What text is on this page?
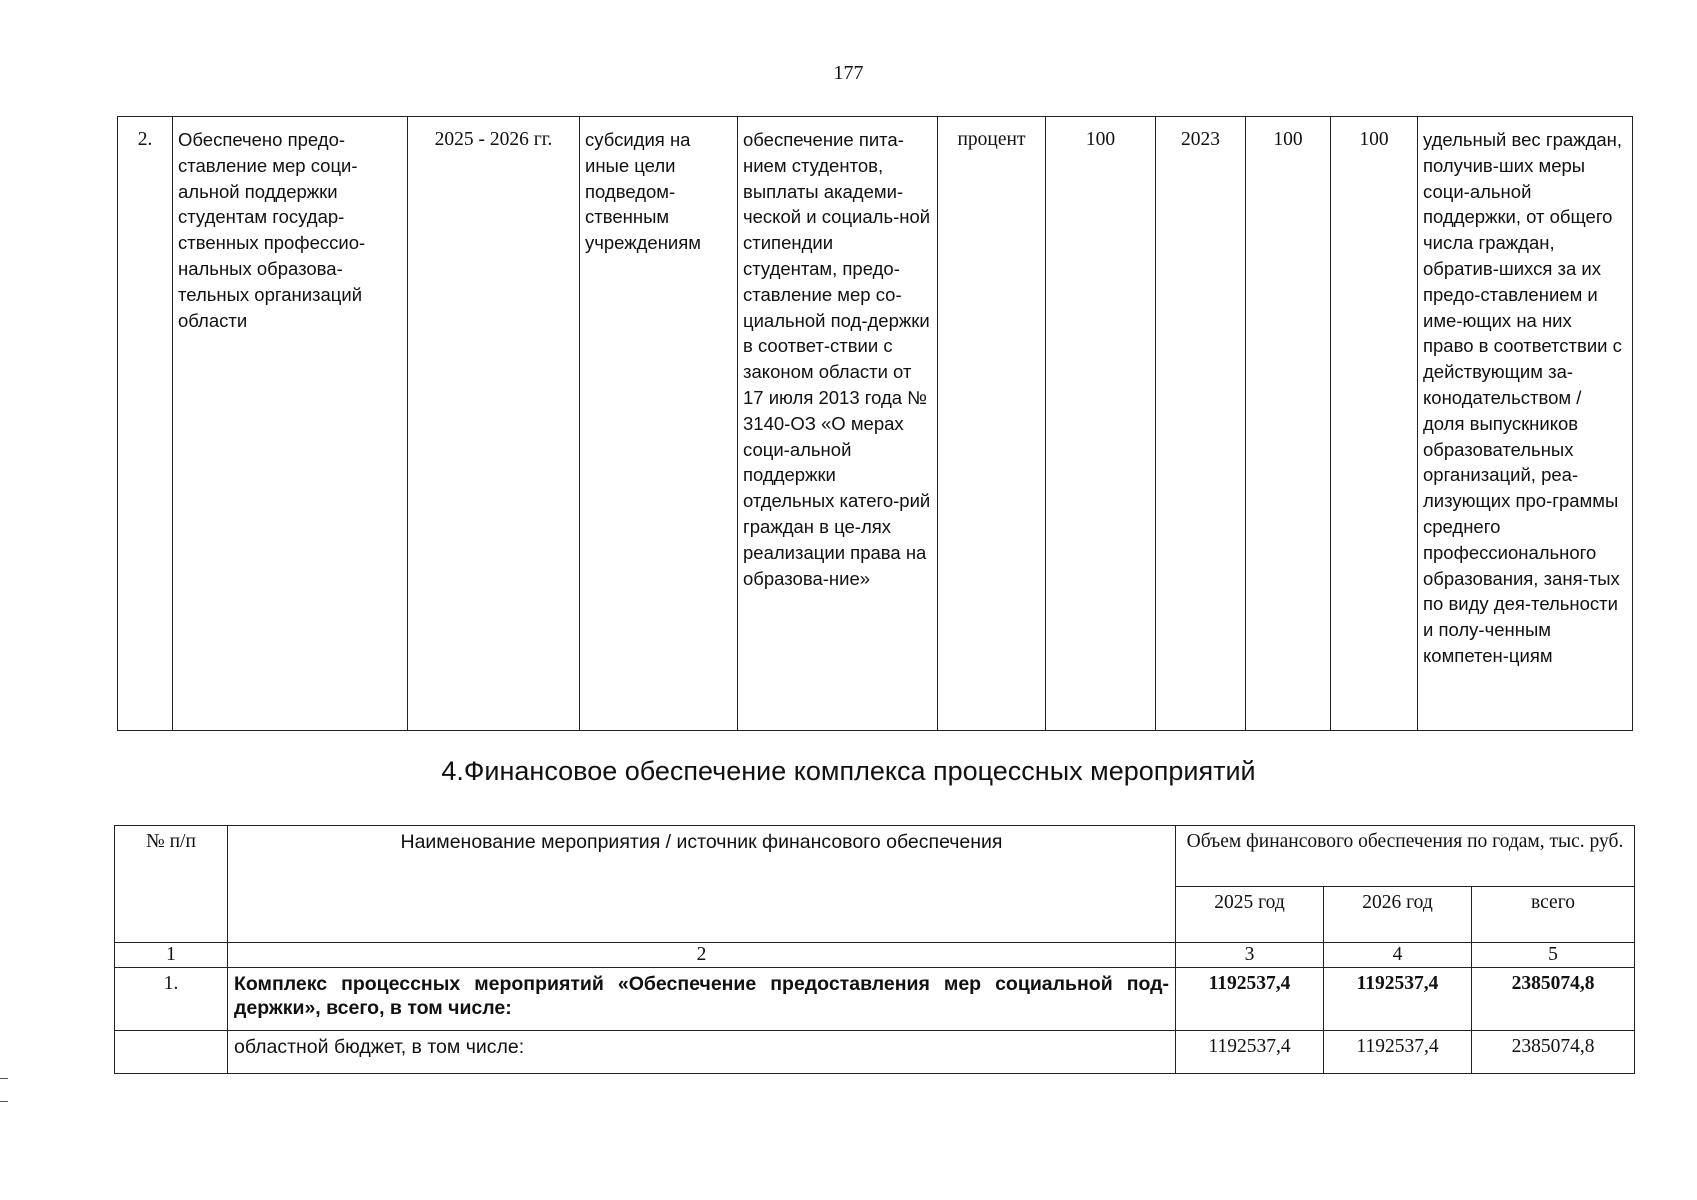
177
2.	Обеспечено предо-ставление мер соци-альной поддержки студентам государ-ственных профессио-нальных образова-тельных организаций области	2025 - 2026 гг.	субсидия на иные цели подведом-ственным учреждениям	обеспечение пита-нием студентов, выплаты академи-ческой и социаль-ной стипендии студентам, предо-ставление мер со-циальной под-держки в соответ-ствии с законом области от 17 июля 2013 года № 3140-ОЗ «О мерах соци-альной поддержки отдельных катего-рий граждан в це-лях реализации права на образова-ние»	процент	100	2023	100	100	удельный вес граждан, получив-ших меры соци-альной поддержки, от общего числа граждан, обратив-шихся за их предо-ставлением и име-ющих на них право в соответствии с действующим за-конодательством / доля выпускников образовательных организаций, реа-лизующих про-граммы среднего профессионального образования, заня-тых по виду дея-тельности и полу-ченным компетен-циям
4.Финансовое обеспечение комплекса процессных мероприятий
№ п/п	Наименование мероприятия / источник финансового обеспечения	Объем финансового обеспечения по годам, тыс. руб.		
		2025 год	2026 год	всего
1	2	3	4	5
1.	Комплекс процессных мероприятий «Обеспечение предоставления мер социальной под-держки», всего, в том числе:	1192537,4	1192537,4	2385074,8
	областной бюджет, в том числе:	1192537,4	1192537,4	2385074,8
